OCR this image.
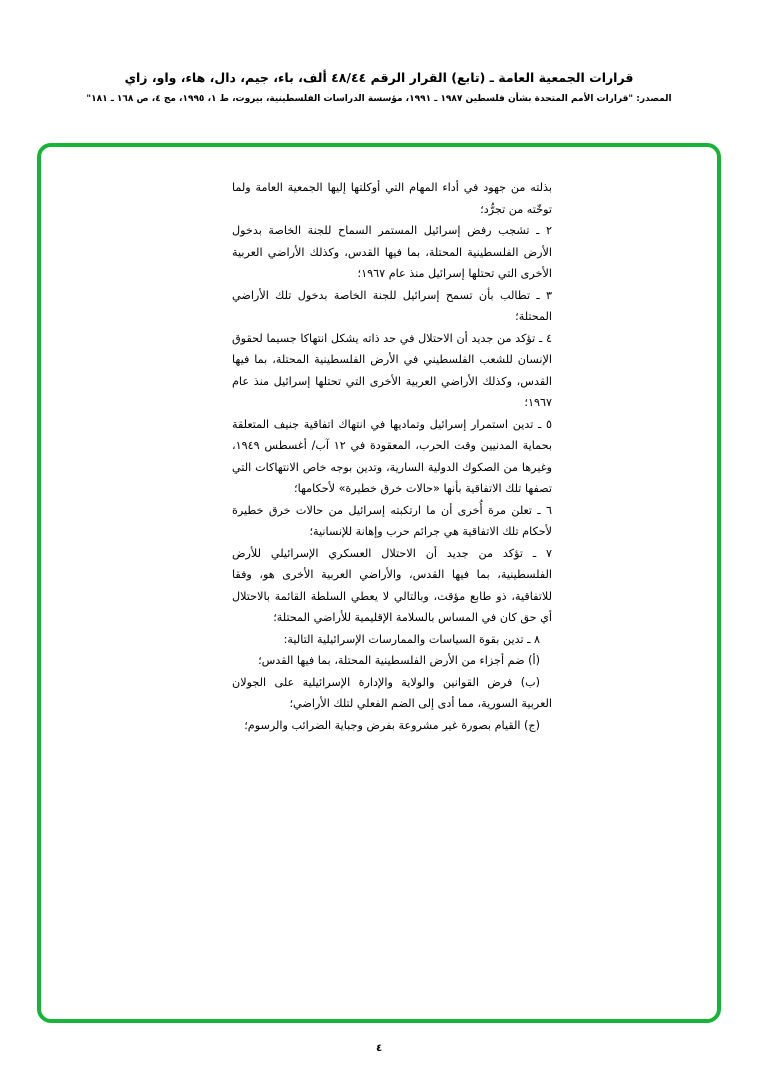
قرارات الجمعية العامة ـ (تابع) القرار الرقم ٤٨/٤٤ ألف، باء، جيم، دال، هاء، واو، زاي
المصدر: "قرارات الأمم المتحدة بشأن فلسطين ١٩٨٧ ـ ١٩٩١، مؤسسة الدراسات الفلسطينية، بيروت، ط ١، ١٩٩٥، مج ٤، ص ١٦٨ ـ ١٨١"

بذلته من جهود في أداء المهام التي أوكلتها إليها الجمعية العامة ولما توخّته من تجرُّد؛

٢ ـ تشجب رفض إسرائيل المستمر السماح للجنة الخاصة بدخول الأرض الفلسطينية المحتلة، بما فيها القدس، وكذلك الأراضي العربية الأخرى التي تحتلها إسرائيل منذ عام ١٩٦٧؛

٣ ـ تطالب بأن تسمح إسرائيل للجنة الخاصة بدخول تلك الأراضي المحتلة؛

٤ ـ تؤكد من جديد أن الاحتلال في حد ذاته يشكل انتهاكا جسيما لحقوق الإنسان للشعب الفلسطيني في الأرض الفلسطينية المحتلة، بما فيها القدس، وكذلك الأراضي العربية الأخرى التي تحتلها إسرائيل منذ عام ١٩٦٧؛

٥ ـ تدين استمرار إسرائيل وتماديها في انتهاك اتفاقية جنيف المتعلقة بحماية المدنيين وقت الحرب، المعقودة في ١٢ آب/ أغسطس ١٩٤٩، وغيرها من الصكوك الدولية السارية، وتدين بوجه خاص الانتهاكات التي تصفها تلك الاتفاقية بأنها «حالات خرق خطيرة» لأحكامها؛

٦ ـ تعلن مرة أُخرى أن ما ارتكبته إسرائيل من حالات خرق خطيرة لأحكام تلك الاتفاقية هي جرائم حرب وإهانة للإنسانية؛

٧ ـ تؤكد من جديد أن الاحتلال العسكري الإسرائيلي للأرض الفلسطينية، بما فيها القدس، والأراضي العربية الأخرى هو، وفقا للاتفاقية، ذو طابع مؤقت، وبالتالي لا يعطي السلطة القائمة بالاحتلال أي حق كان في المساس بالسلامة الإقليمية للأراضي المحتلة؛

٨ ـ تدين بقوة السياسات والممارسات الإسرائيلية التالية:

(أ) ضم أجزاء من الأرض الفلسطينية المحتلة، بما فيها القدس؛

(ب) فرض القوانين والولاية والإدارة الإسرائيلية على الجولان العربية السورية، مما أدى إلى الضم الفعلي لتلك الأراضي؛

(ج) القيام بصورة غير مشروعة بفرض وجباية الضرائب والرسوم؛

٤
